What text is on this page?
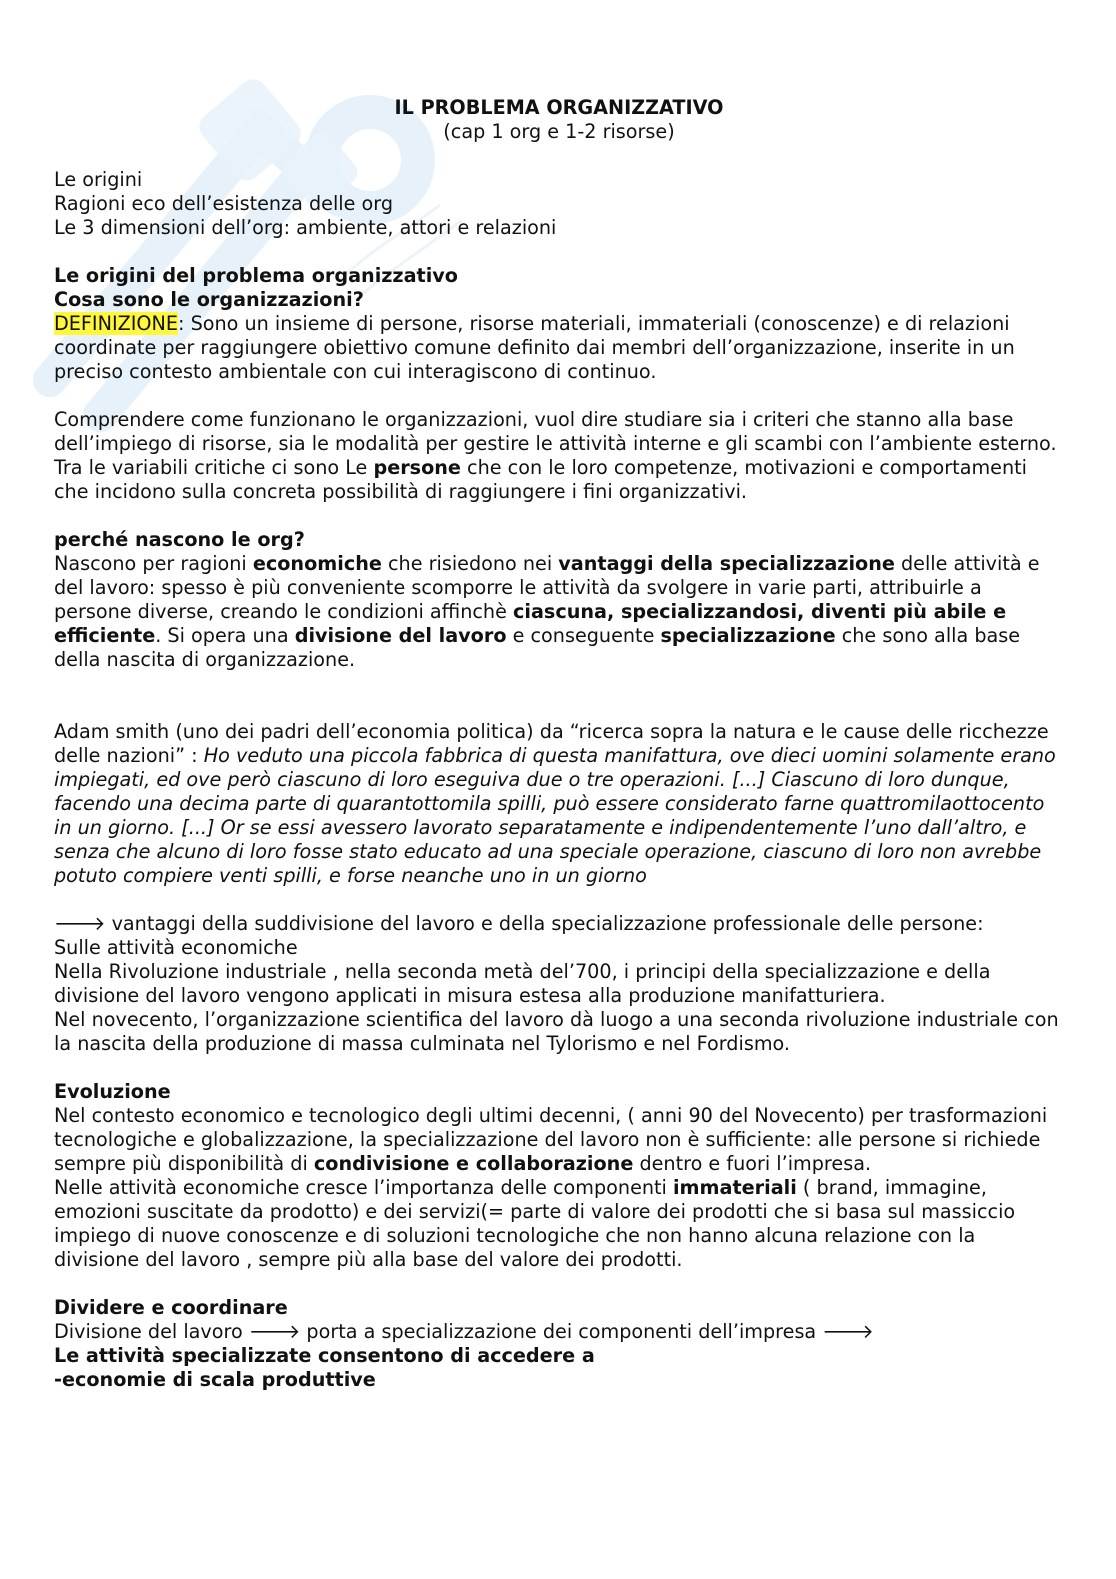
IL PROBLEMA ORGANIZZATIVO

(cap 1 org e 1-2 risorse)

Le origini

Ragioni eco dell’esistenza delle org

Le 3 dimensioni dell’org: ambiente, attori e relazioni

Le origini del problema organizzativo

Cosa sono le organizzazioni?

DEFINIZIONE: Sono un insieme di persone, risorse materiali, immateriali (conoscenze) e di relazioni coordinate per raggiungere obiettivo comune definito dai membri dell’organizzazione, inserite in un preciso contesto ambientale con cui interagiscono di continuo.

Comprendere come funzionano le organizzazioni, vuol dire studiare sia i criteri che stanno alla base dell’impiego di risorse, sia le modalità per gestire le attività interne e gli scambi con l’ambiente esterno.

Tra le variabili critiche ci sono Le persone che con le loro competenze, motivazioni e comportamenti che incidono sulla concreta possibilità di raggiungere i fini organizzativi.

perché nascono le org?

Nascono per ragioni economiche che risiedono nei vantaggi della specializzazione delle attività e del lavoro: spesso è più conveniente scomporre le attività da svolgere in varie parti, attribuirle a persone diverse, creando le condizioni affinchè ciascuna, specializzandosi, diventi più abile e efficiente. Si opera una divisione del lavoro e conseguente specializzazione che sono alla base della nascita di organizzazione.

Adam smith (uno dei padri dell’economia politica) da “ricerca sopra la natura e le cause delle ricchezze delle nazioni” : Ho veduto una piccola fabbrica di questa manifattura, ove dieci uomini solamente erano impiegati, ed ove però ciascuno di loro eseguiva due o tre operazioni. [...] Ciascuno di loro dunque, facendo una decima parte di quarantottomila spilli, può essere considerato farne quattromilaottocento in un giorno. [...] Or se essi avessero lavorato separatamente e indipendentemente l’uno dall’altro, e senza che alcuno di loro fosse stato educato ad una speciale operazione, ciascuno di loro non avrebbe potuto compiere venti spilli, e forse neanche uno in un giorno

🡒 vantaggi della suddivisione del lavoro e della specializzazione professionale delle persone:

Sulle attività economiche

Nella Rivoluzione industriale , nella seconda metà del’700, i principi della specializzazione e della divisione del lavoro vengono applicati in misura estesa alla produzione manifatturiera.

Nel novecento, l’organizzazione scientifica del lavoro dà luogo a una seconda rivoluzione industriale con la nascita della produzione di massa culminata nel Tylorismo e nel Fordismo.

Evoluzione

Nel contesto economico e tecnologico degli ultimi decenni, ( anni 90 del Novecento) per trasformazioni tecnologiche e globalizzazione, la specializzazione del lavoro non è sufficiente: alle persone si richiede sempre più disponibilità di condivisione e collaborazione dentro e fuori l’impresa.

Nelle attività economiche cresce l’importanza delle componenti immateriali ( brand, immagine, emozioni suscitate da prodotto) e dei servizi(= parte di valore dei prodotti che si basa sul massiccio impiego di nuove conoscenze e di soluzioni tecnologiche che non hanno alcuna relazione con la divisione del lavoro , sempre più alla base del valore dei prodotti.

Dividere e coordinare

Divisione del lavoro 🡒 porta a specializzazione dei componenti dell’impresa 🡒

Le attività specializzate consentono di accedere a

-economie di scala produttive
